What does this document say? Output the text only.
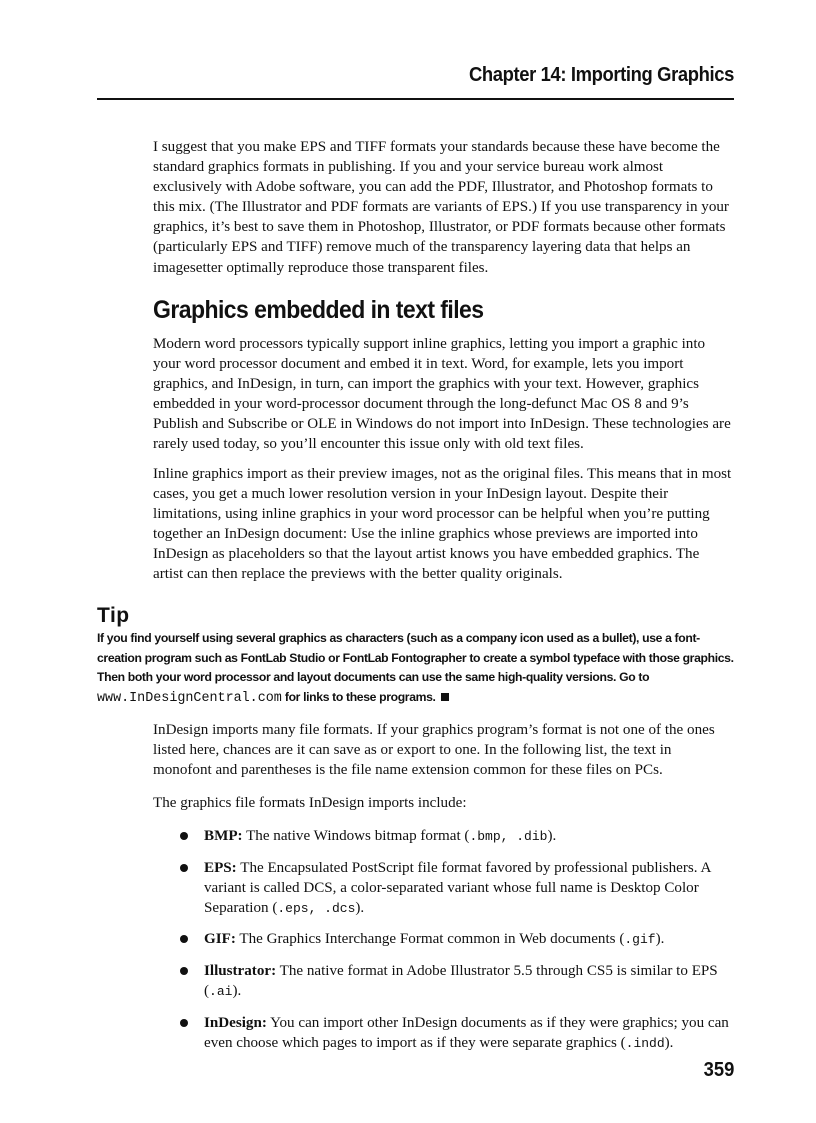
Chapter 14: Importing Graphics

I suggest that you make EPS and TIFF formats your standards because these have become the standard graphics formats in publishing. If you and your service bureau work almost exclusively with Adobe software, you can add the PDF, Illustrator, and Photoshop formats to this mix. (The Illustrator and PDF formats are variants of EPS.) If you use transparency in your graphics, it’s best to save them in Photoshop, Illustrator, or PDF formats because other formats (particularly EPS and TIFF) remove much of the transparency layering data that helps an imagesetter optimally reproduce those transparent files.

Graphics embedded in text files

Modern word processors typically support inline graphics, letting you import a graphic into your word processor document and embed it in text. Word, for example, lets you import graphics, and InDesign, in turn, can import the graphics with your text. However, graphics embedded in your word-processor document through the long-defunct Mac OS 8 and 9’s Publish and Subscribe or OLE in Windows do not import into InDesign. These technologies are rarely used today, so you’ll encounter this issue only with old text files.

Inline graphics import as their preview images, not as the original files. This means that in most cases, you get a much lower resolution version in your InDesign layout. Despite their limitations, using inline graphics in your word processor can be helpful when you’re putting together an InDesign document: Use the inline graphics whose previews are imported into InDesign as placeholders so that the layout artist knows you have embedded graphics. The artist can then replace the previews with the better quality originals.

Tip

If you find yourself using several graphics as characters (such as a company icon used as a bullet), use a font-creation program such as FontLab Studio or FontLab Fontographer to create a symbol typeface with those graphics. Then both your word processor and layout documents can use the same high-quality versions. Go to www.InDesignCentral.com for links to these programs.

InDesign imports many file formats. If your graphics program’s format is not one of the ones listed here, chances are it can save as or export to one. In the following list, the text in monofont and parentheses is the file name extension common for these files on PCs.

The graphics file formats InDesign imports include:

BMP: The native Windows bitmap format (.bmp, .dib).
EPS: The Encapsulated PostScript file format favored by professional publishers. A variant is called DCS, a color-separated variant whose full name is Desktop Color Separation (.eps, .dcs).
GIF: The Graphics Interchange Format common in Web documents (.gif).
Illustrator: The native format in Adobe Illustrator 5.5 through CS5 is similar to EPS (.ai).
InDesign: You can import other InDesign documents as if they were graphics; you can even choose which pages to import as if they were separate graphics (.indd).
359
